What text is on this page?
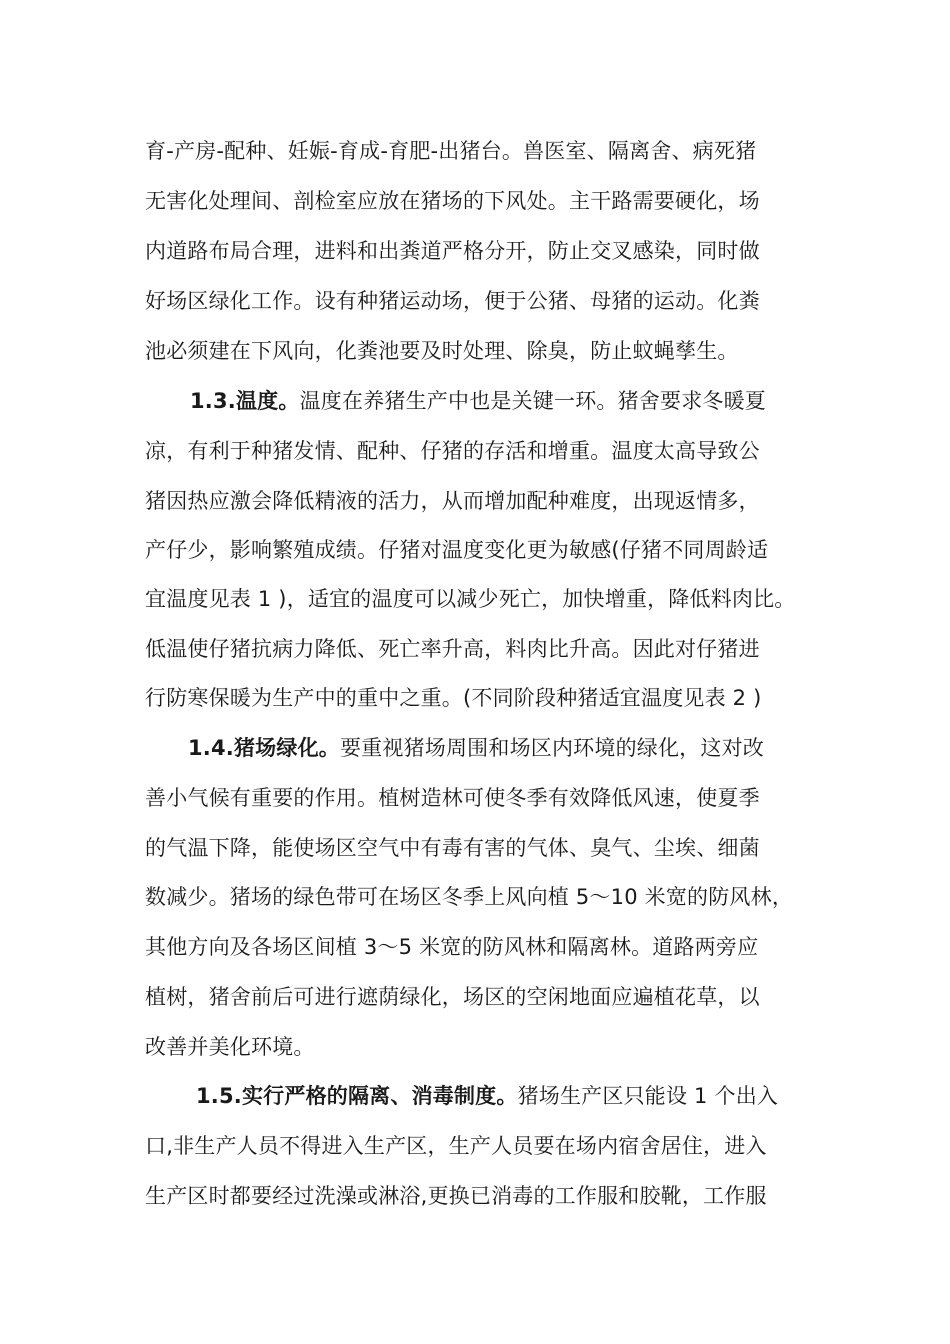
育-产房-配种、妊娠-育成-育肥-出猪台。兽医室、隔离舍、病死猪
无害化处理间、剖检室应放在猪场的下风处。主干路需要硬化，场
内道路布局合理，进料和出粪道严格分开，防止交叉感染，同时做
好场区绿化工作。设有种猪运动场，便于公猪、母猪的运动。化粪
池必须建在下风向，化粪池要及时处理、除臭，防止蚊蝇孳生。
1.3.温度。温度在养猪生产中也是关键一环。猪舍要求冬暖夏
凉，有利于种猪发情、配种、仔猪的存活和增重。温度太高导致公
猪因热应激会降低精液的活力，从而增加配种难度，出现返情多，
产仔少，影响繁殖成绩。仔猪对温度变化更为敏感(仔猪不同周龄适
宜温度见表 1 )，适宜的温度可以减少死亡，加快增重，降低料肉比。
低温使仔猪抗病力降低、死亡率升高，料肉比升高。因此对仔猪进
行防寒保暖为生产中的重中之重。(不同阶段种猪适宜温度见表 2 )
1.4.猪场绿化。要重视猪场周围和场区内环境的绿化，这对改
善小气候有重要的作用。植树造林可使冬季有效降低风速，使夏季
的气温下降，能使场区空气中有毒有害的气体、臭气、尘埃、细菌
数减少。猪场的绿色带可在场区冬季上风向植 5～10 米宽的防风林，
其他方向及各场区间植 3～5 米宽的防风林和隔离林。道路两旁应
植树，猪舍前后可进行遮荫绿化，场区的空闲地面应遍植花草，以
改善并美化环境。
1.5.实行严格的隔离、消毒制度。猪场生产区只能设 1 个出入
口,非生产人员不得进入生产区，生产人员要在场内宿舍居住，进入
生产区时都要经过洗澡或淋浴,更换已消毒的工作服和胶靴，工作服
